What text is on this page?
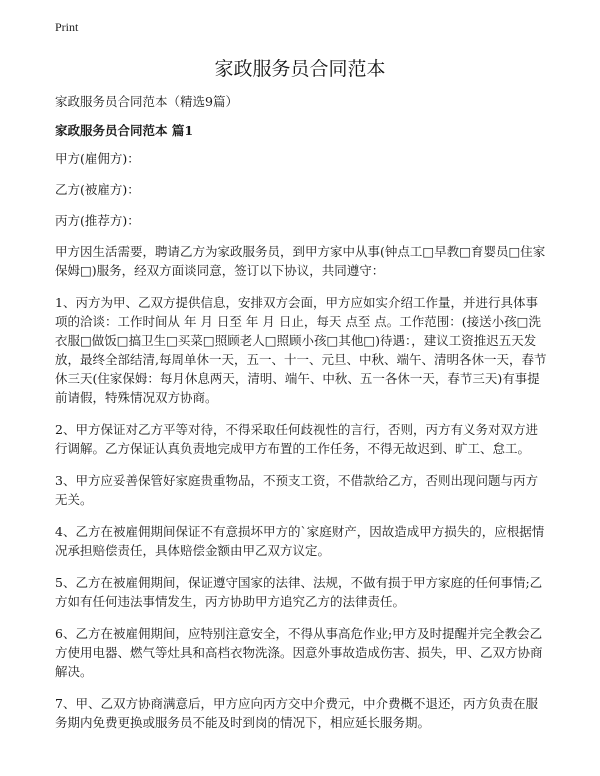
Print
家政服务员合同范本

家政服务员合同范本（精选9篇）

家政服务员合同范本 篇1

甲方(雇佣方)：

乙方(被雇方)：

丙方(推荐方)：

甲方因生活需要，聘请乙方为家政服务员，到甲方家中从事(钟点工□早教□育婴员□住家保姆□)服务，经双方面谈同意，签订以下协议，共同遵守：

1、丙方为甲、乙双方提供信息，安排双方会面，甲方应如实介绍工作量，并进行具体事项的洽谈：工作时间从 年 月 日至 年 月 日止，每天 点至 点。工作范围：(接送小孩□洗衣服□做饭□搞卫生□买菜□照顾老人□照顾小孩□其他□)待遇：，建议工资推迟五天发放，最终全部结清,每周单休一天，五一、十一、元旦、中秋、端午、清明各休一天，春节休三天(住家保姆：每月休息两天，清明、端午、中秋、五一各休一天，春节三天)有事提前请假，特殊情况双方协商。

2、甲方保证对乙方平等对待，不得采取任何歧视性的言行，否则，丙方有义务对双方进行调解。乙方保证认真负责地完成甲方布置的工作任务，不得无故迟到、旷工、怠工。

3、甲方应妥善保管好家庭贵重物品，不预支工资，不借款给乙方，否则出现问题与丙方无关。

4、乙方在被雇佣期间保证不有意损坏甲方的`家庭财产，因故造成甲方损失的，应根据情况承担赔偿责任，具体赔偿金额由甲乙双方议定。

5、乙方在被雇佣期间，保证遵守国家的法律、法规，不做有损于甲方家庭的任何事情;乙方如有任何违法事情发生，丙方协助甲方追究乙方的法律责任。

6、乙方在被雇佣期间，应特别注意安全，不得从事高危作业;甲方及时提醒并完全教会乙方使用电器、燃气等灶具和高档衣物洗涤。因意外事故造成伤害、损失，甲、乙双方协商解决。

7、甲、乙双方协商满意后，甲方应向丙方交中介费元，中介费概不退还，丙方负责在服务期内免费更换或服务员不能及时到岗的情况下，相应延长服务期。
